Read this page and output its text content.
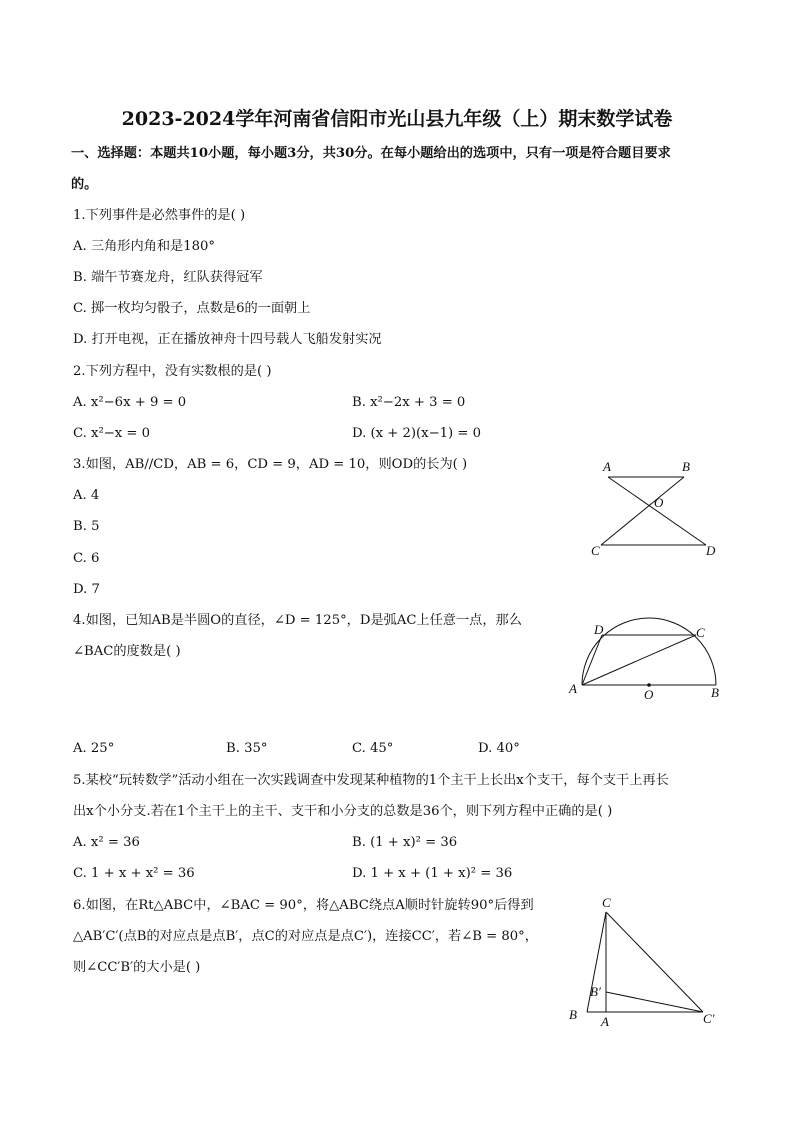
2023-2024学年河南省信阳市光山县九年级（上）期末数学试卷
一、选择题：本题共10小题，每小题3分，共30分。在每小题给出的选项中，只有一项是符合题目要求
的。
1.下列事件是必然事件的是( )
A. 三角形内角和是180°
B. 端午节赛龙舟，红队获得冠军
C. 掷一枚均匀骰子，点数是6的一面朝上
D. 打开电视，正在播放神舟十四号载人飞船发射实况
2.下列方程中，没有实数根的是( )
A. x²−6x + 9 = 0	B. x²−2x + 3 = 0
C. x²−x = 0	D. (x + 2)(x−1) = 0
3.如图，AB//CD，AB = 6，CD = 9，AD = 10，则OD的长为( )
A. 4
B. 5
C. 6
D. 7
A	B
O
C	D
4.如图，已知AB是半圆O的直径，∠D = 125°，D是弧AC上任意一点，那么
∠BAC的度数是( )
A. 25°	B. 35°	C. 45°	D. 40°
D	C
A	O	B
5.某校“玩转数学”活动小组在一次实践调查中发现某种植物的1个主干上长出x个支干，每个支干上再长
出x个小分支.若在1个主干上的主干、支干和小分支的总数是36个，则下列方程中正确的是( )
A. x² = 36	B. (1 + x)² = 36
C. 1 + x + x² = 36	D. 1 + x + (1 + x)² = 36
6.如图，在Rt△ABC中，∠BAC = 90°，将△ABC绕点A顺时针旋转90°后得到
△AB′C′(点B的对应点是点B′，点C的对应点是点C′)，连接CC′，若∠B = 80°，
则∠CC′B′的大小是( )
C
B′
B A	C′
